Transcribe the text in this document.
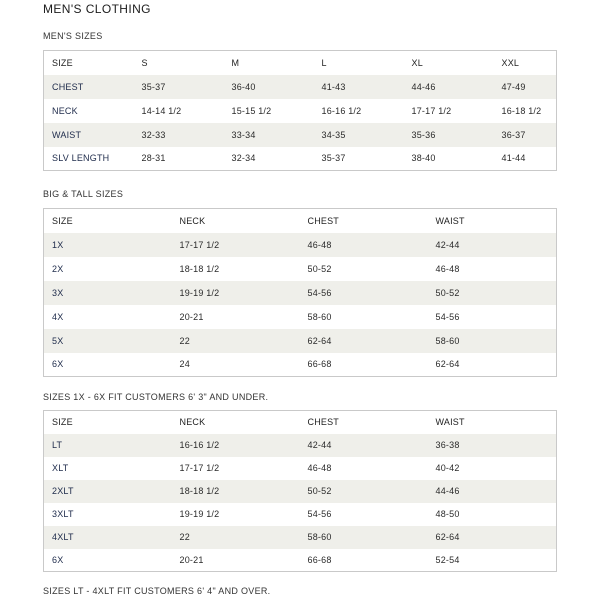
MEN'S CLOTHING
MEN'S SIZES
SIZE	S	M	L	XL	XXL
CHEST	35-37	36-40	41-43	44-46	47-49
NECK	14-14 1/2	15-15 1/2	16-16 1/2	17-17 1/2	16-18 1/2
WAIST	32-33	33-34	34-35	35-36	36-37
SLV LENGTH	28-31	32-34	35-37	38-40	41-44
BIG & TALL SIZES
SIZE	NECK	CHEST	WAIST
1X	17-17 1/2	46-48	42-44
2X	18-18 1/2	50-52	46-48
3X	19-19 1/2	54-56	50-52
4X	20-21	58-60	54-56
5X	22	62-64	58-60
6X	24	66-68	62-64
SIZES 1X - 6X FIT CUSTOMERS 6' 3" AND UNDER.
SIZE	NECK	CHEST	WAIST
LT	16-16 1/2	42-44	36-38
XLT	17-17 1/2	46-48	40-42
2XLT	18-18 1/2	50-52	44-46
3XLT	19-19 1/2	54-56	48-50
4XLT	22	58-60	62-64
6X	20-21	66-68	52-54
SIZES LT - 4XLT FIT CUSTOMERS 6' 4" AND OVER.
